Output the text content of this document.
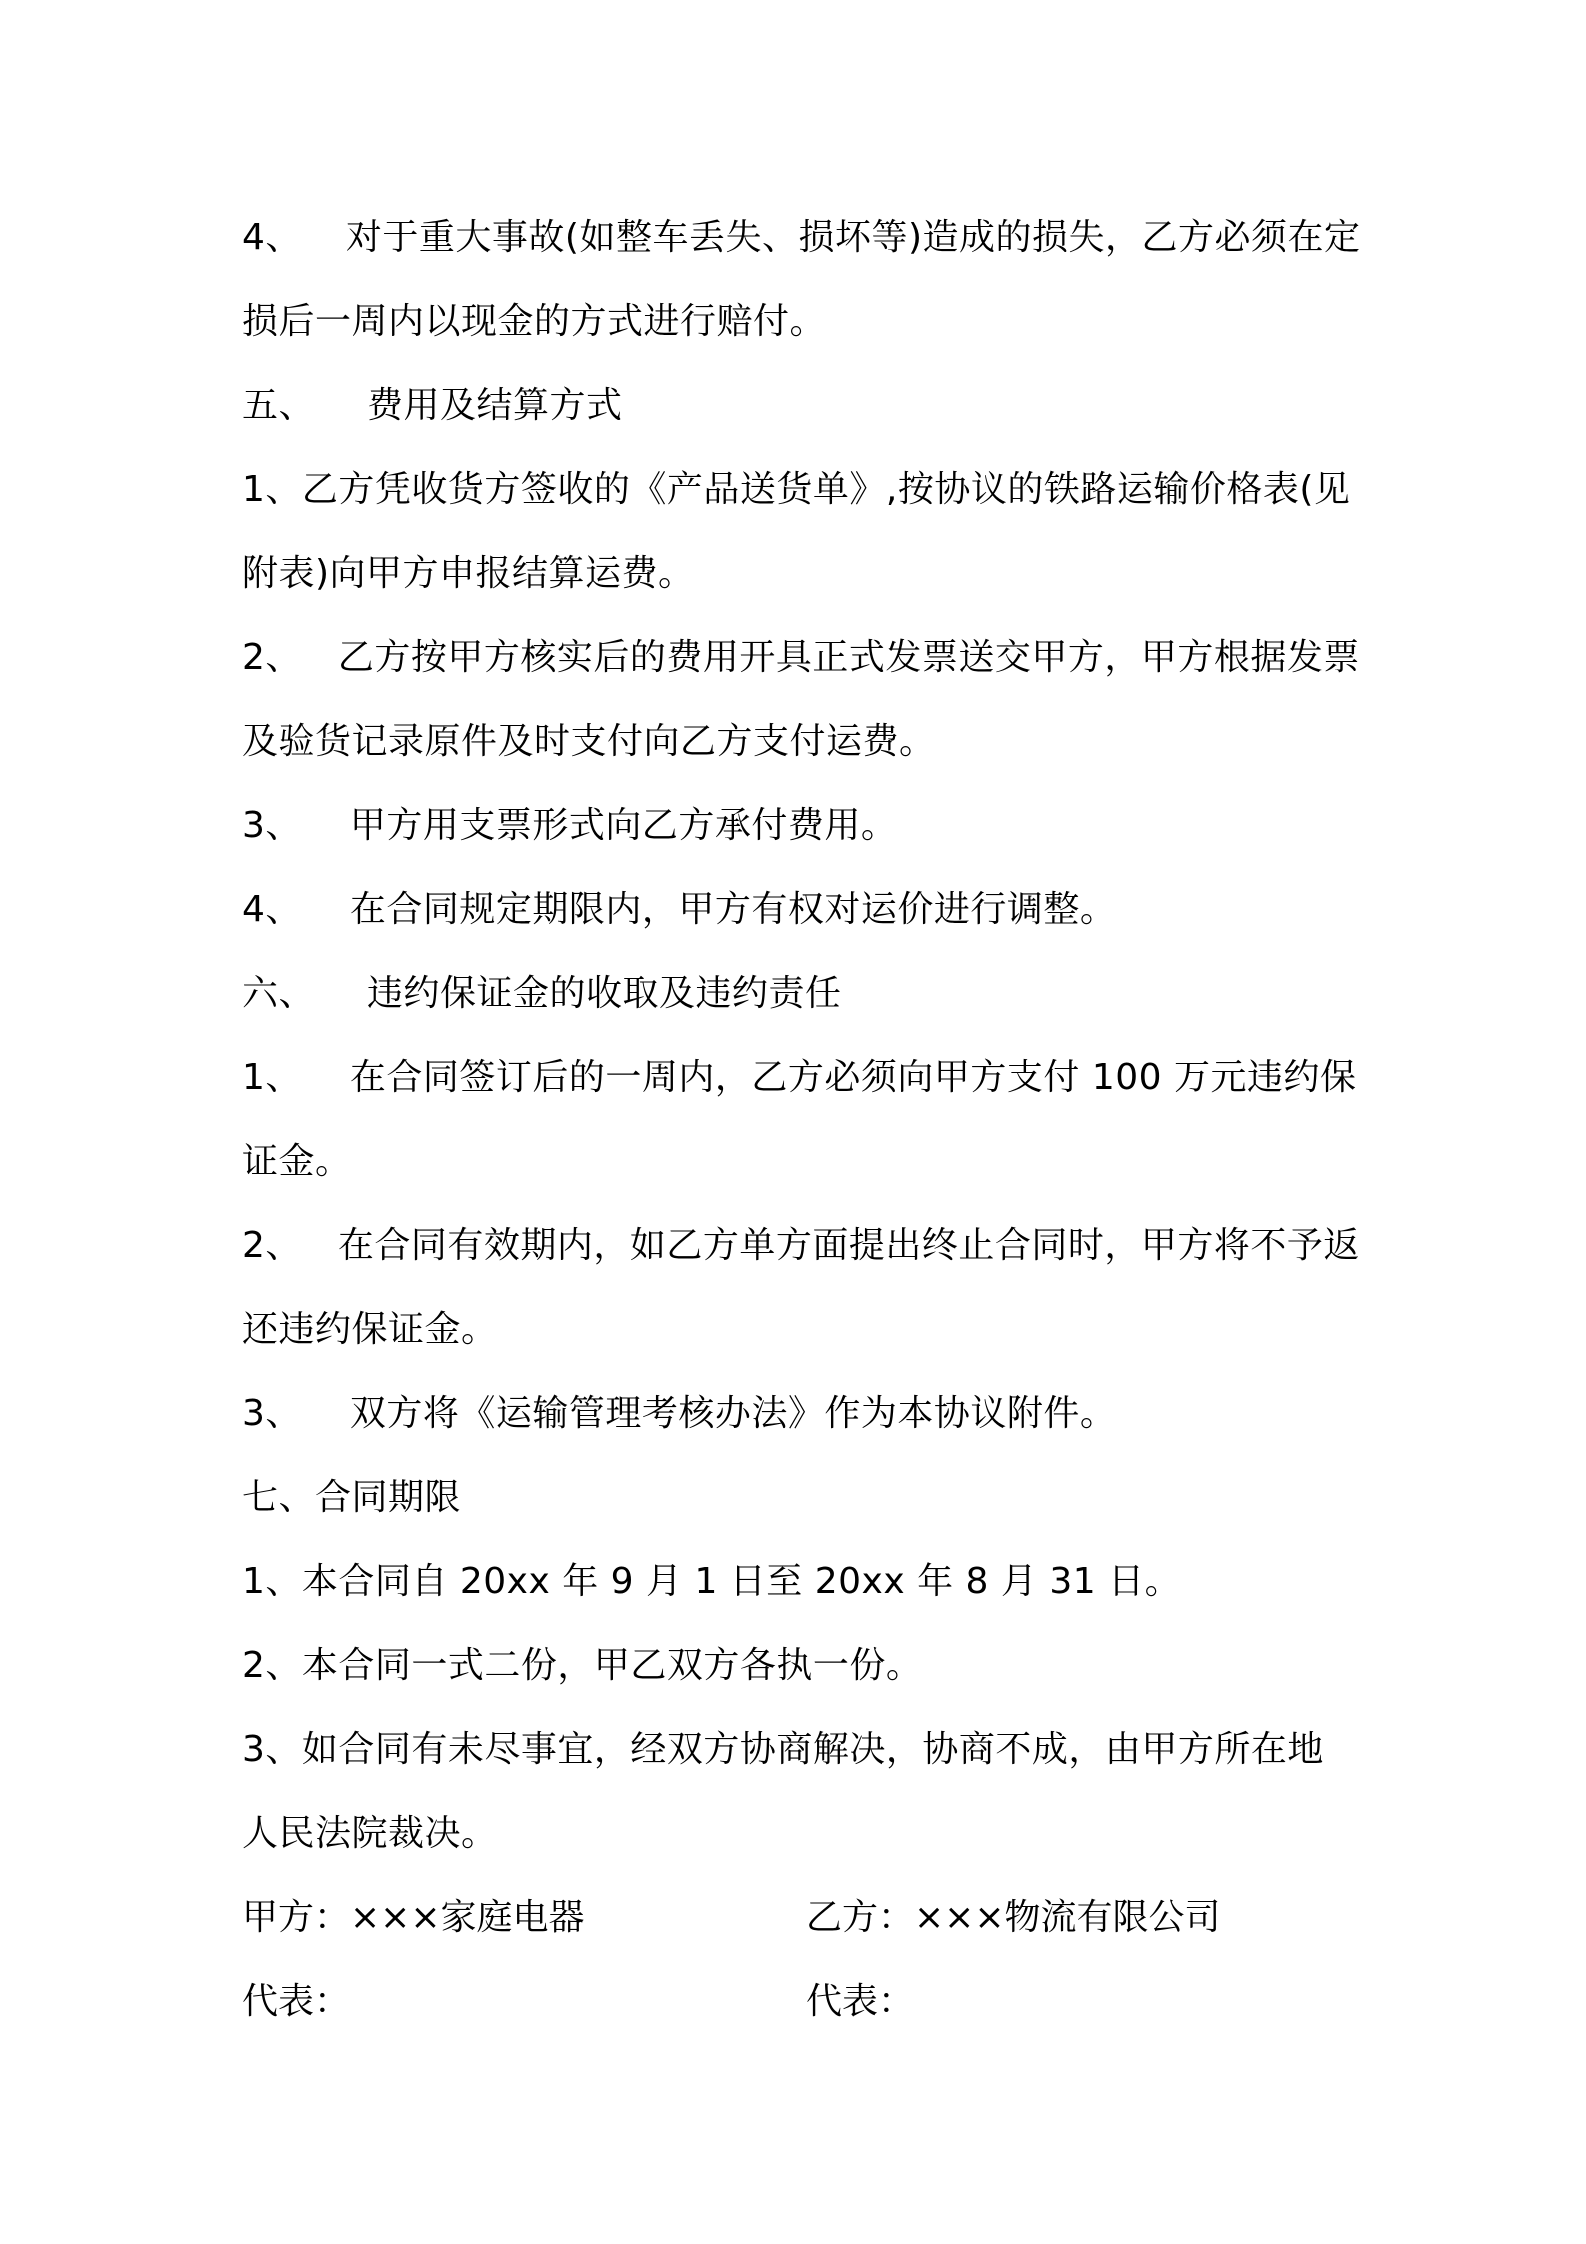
4、 对于重大事故(如整车丢失、损坏等)造成的损失，乙方必须在定
损后一周内以现金的方式进行赔付。
五、 费用及结算方式
1、乙方凭收货方签收的《产品送货单》,按协议的铁路运输价格表(见
附表)向甲方申报结算运费。
2、 乙方按甲方核实后的费用开具正式发票送交甲方，甲方根据发票
及验货记录原件及时支付向乙方支付运费。
3、 甲方用支票形式向乙方承付费用。
4、 在合同规定期限内，甲方有权对运价进行调整。
六、 违约保证金的收取及违约责任
1、 在合同签订后的一周内，乙方必须向甲方支付 100 万元违约保
证金。
2、 在合同有效期内，如乙方单方面提出终止合同时，甲方将不予返
还违约保证金。
3、 双方将《运输管理考核办法》作为本协议附件。
七、合同期限
1、本合同自 20xx 年 9 月 1 日至 20xx 年 8 月 31 日。
2、本合同一式二份，甲乙双方各执一份。
3、如合同有未尽事宜，经双方协商解决，协商不成，由甲方所在地
人民法院裁决。
甲方：×××家庭电器	乙方：×××物流有限公司
代表：	代表：
